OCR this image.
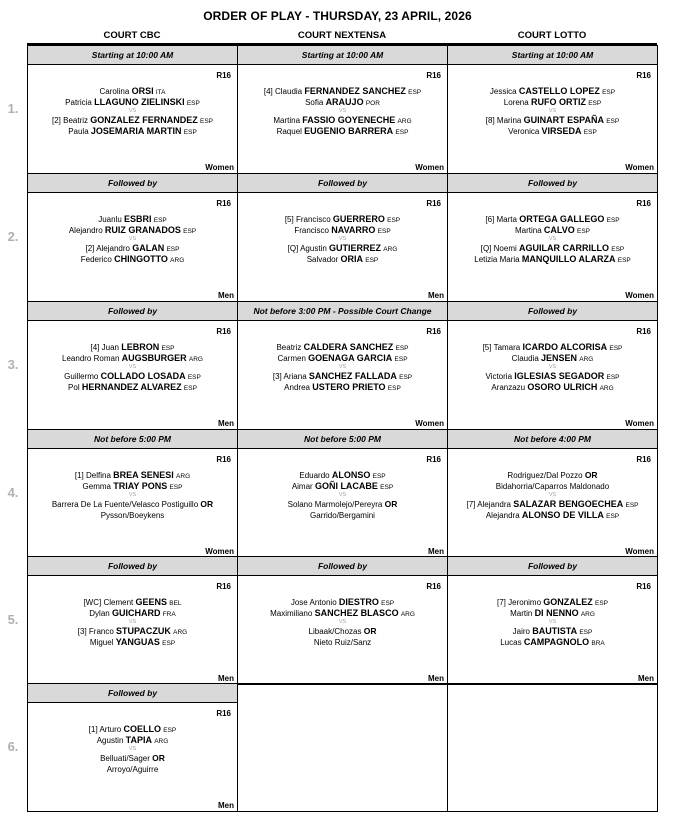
ORDER OF PLAY - THURSDAY, 23 APRIL, 2026
COURT CBC	COURT NEXTENSA	COURT LOTTO
1.
Starting at 10:00 AM
R16
Carolina ORSI ITA
Patricia LLAGUNO ZIELINSKI ESP
VS
[2] Beatriz GONZALEZ FERNANDEZ ESP
Paula JOSEMARIA MARTIN ESP
Women
Starting at 10:00 AM
R16
[4] Claudia FERNANDEZ SANCHEZ ESP
Sofia ARAUJO POR
VS
Martina FASSIO GOYENECHE ARG
Raquel EUGENIO BARRERA ESP
Women
Starting at 10:00 AM
R16
Jessica CASTELLO LOPEZ ESP
Lorena RUFO ORTIZ ESP
VS
[8] Marina GUINART ESPAÑA ESP
Veronica VIRSEDA ESP
Women
2.
Followed by
R16
Juanlu ESBRI ESP
Alejandro RUIZ GRANADOS ESP
VS
[2] Alejandro GALAN ESP
Federico CHINGOTTO ARG
Men
Followed by
R16
[5] Francisco GUERRERO ESP
Francisco NAVARRO ESP
VS
[Q] Agustin GUTIERREZ ARG
Salvador ORIA ESP
Men
Followed by
R16
[6] Marta ORTEGA GALLEGO ESP
Martina CALVO ESP
VS
[Q] Noemi AGUILAR CARRILLO ESP
Letizia Maria MANQUILLO ALARZA ESP
Women
3.
Followed by
R16
[4] Juan LEBRON ESP
Leandro Roman AUGSBURGER ARG
VS
Guillermo COLLADO LOSADA ESP
Pol HERNANDEZ ALVAREZ ESP
Men
Not before 3:00 PM - Possible Court Change
R16
Beatriz CALDERA SANCHEZ ESP
Carmen GOENAGA GARCIA ESP
VS
[3] Ariana SANCHEZ FALLADA ESP
Andrea USTERO PRIETO ESP
Women
Followed by
R16
[5] Tamara ICARDO ALCORISA ESP
Claudia JENSEN ARG
VS
Victoria IGLESIAS SEGADOR ESP
Aranzazu OSORO ULRICH ARG
Women
4.
Not before 5:00 PM
R16
[1] Delfina BREA SENESI ARG
Gemma TRIAY PONS ESP
VS
Barrera De La Fuente/Velasco Postiguillo OR
Pysson/Boeykens
Women
Not before 5:00 PM
R16
Eduardo ALONSO ESP
Aimar GOÑI LACABE ESP
VS
Solano Marmolejo/Pereyra OR
Garrido/Bergamini
Men
Not before 4:00 PM
R16
Rodriguez/Dal Pozzo OR
Bidahorria/Caparros Maldonado
VS
[7] Alejandra SALAZAR BENGOECHEA ESP
Alejandra ALONSO DE VILLA ESP
Women
5.
Followed by
R16
[WC] Clement GEENS BEL
Dylan GUICHARD FRA
VS
[3] Franco STUPACZUK ARG
Miguel YANGUAS ESP
Men
Followed by
R16
Jose Antonio DIESTRO ESP
Maximiliano SANCHEZ BLASCO ARG
VS
Libaak/Chozas OR
Nieto Ruiz/Sanz
Men
Followed by
R16
[7] Jeronimo GONZALEZ ESP
Martin DI NENNO ARG
VS
Jairo BAUTISTA ESP
Lucas CAMPAGNOLO BRA
Men
6.
Followed by
R16
[1] Arturo COELLO ESP
Agustin TAPIA ARG
VS
Belluati/Sager OR
Arroyo/Aguirre
Men
